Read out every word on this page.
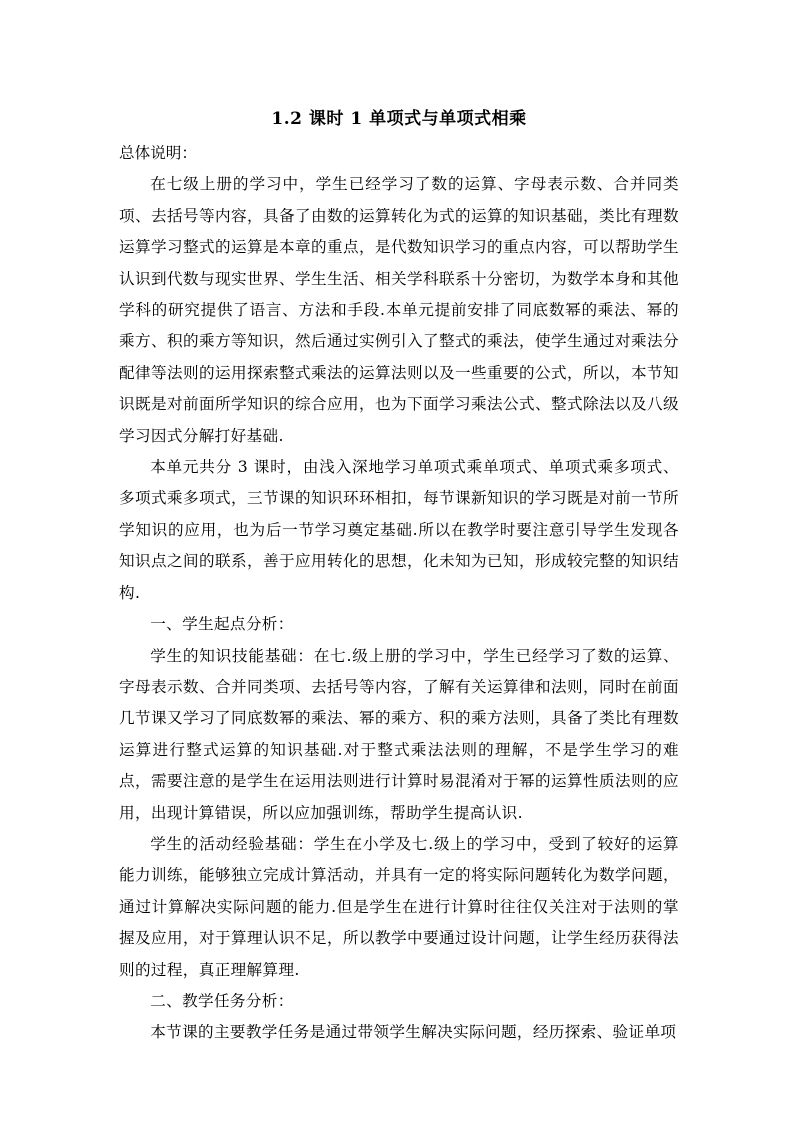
1.2 课时 1 单项式与单项式相乘

总体说明：

在七级上册的学习中，学生已经学习了数的运算、字母表示数、合并同类项、去括号等内容，具备了由数的运算转化为式的运算的知识基础，类比有理数运算学习整式的运算是本章的重点，是代数知识学习的重点内容，可以帮助学生认识到代数与现实世界、学生生活、相关学科联系十分密切，为数学本身和其他学科的研究提供了语言、方法和手段.本单元提前安排了同底数幂的乘法、幂的乘方、积的乘方等知识，然后通过实例引入了整式的乘法，使学生通过对乘法分配律等法则的运用探索整式乘法的运算法则以及一些重要的公式，所以，本节知识既是对前面所学知识的综合应用，也为下面学习乘法公式、整式除法以及八级学习因式分解打好基础.

本单元共分 3 课时，由浅入深地学习单项式乘单项式、单项式乘多项式、多项式乘多项式，三节课的知识环环相扣，每节课新知识的学习既是对前一节所学知识的应用，也为后一节学习奠定基础.所以在教学时要注意引导学生发现各知识点之间的联系，善于应用转化的思想，化未知为已知，形成较完整的知识结构.

一、学生起点分析：

学生的知识技能基础：在七.级上册的学习中，学生已经学习了数的运算、字母表示数、合并同类项、去括号等内容，了解有关运算律和法则，同时在前面几节课又学习了同底数幂的乘法、幂的乘方、积的乘方法则，具备了类比有理数运算进行整式运算的知识基础.对于整式乘法法则的理解，不是学生学习的难点，需要注意的是学生在运用法则进行计算时易混淆对于幂的运算性质法则的应用，出现计算错误，所以应加强训练，帮助学生提高认识.

学生的活动经验基础：学生在小学及七.级上的学习中，受到了较好的运算能力训练，能够独立完成计算活动，并具有一定的将实际问题转化为数学问题，通过计算解决实际问题的能力.但是学生在进行计算时往往仅关注对于法则的掌握及应用，对于算理认识不足，所以教学中要通过设计问题，让学生经历获得法则的过程，真正理解算理.

二、教学任务分析：

本节课的主要教学任务是通过带领学生解决实际问题，经历探索、验证单项
